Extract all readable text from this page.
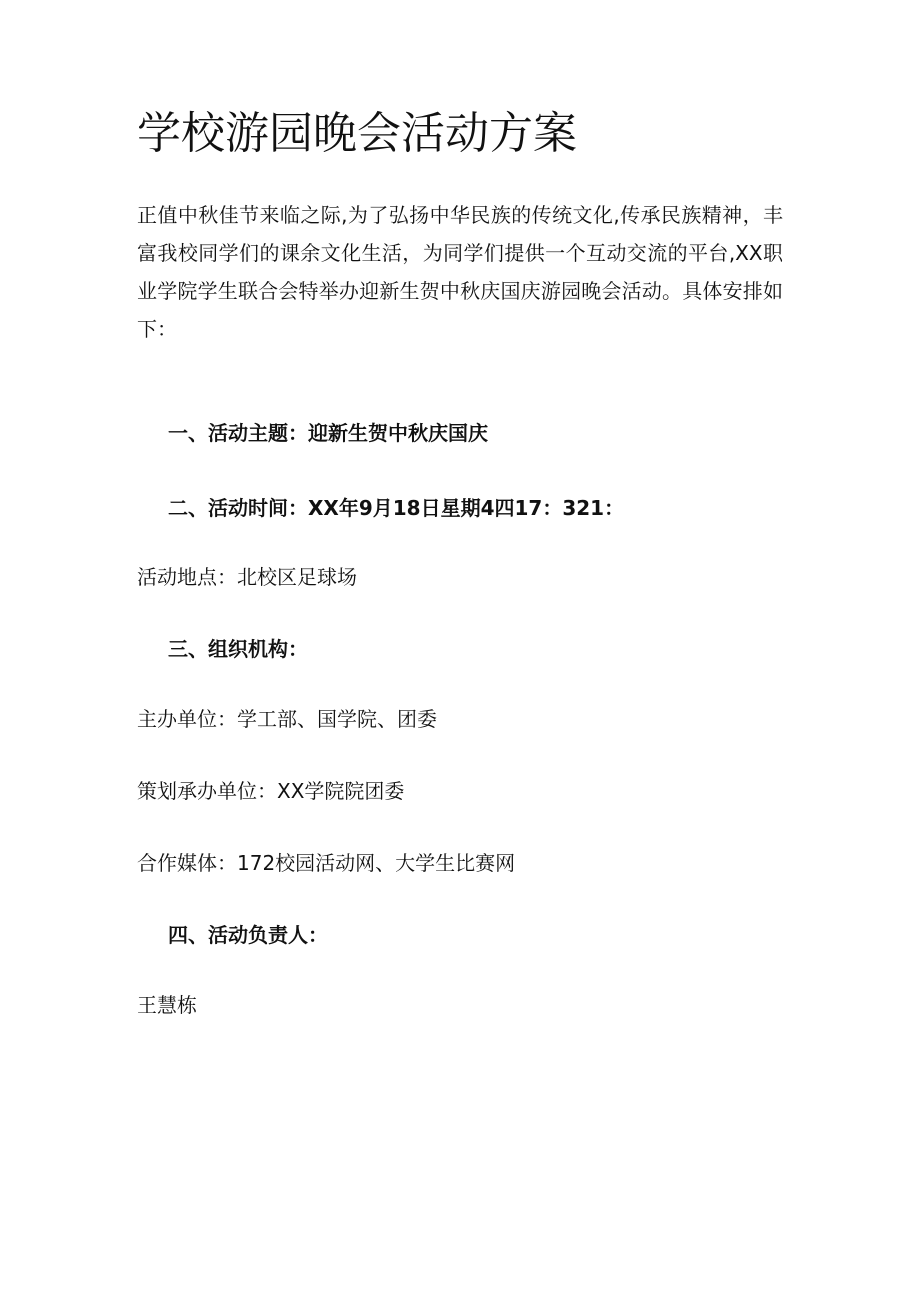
学校游园晚会活动方案

正值中秋佳节来临之际,为了弘扬中华民族的传统文化,传承民族精神，丰富我校同学们的课余文化生活，为同学们提供一个互动交流的平台,XX职业学院学生联合会特举办迎新生贺中秋庆国庆游园晚会活动。具体安排如下：

一、活动主题：迎新生贺中秋庆国庆

二、活动时间：XX年9月18日星期4四17：321：

活动地点：北校区足球场

三、组织机构：

主办单位：学工部、国学院、团委

策划承办单位：XX学院院团委

合作媒体：172校园活动网、大学生比赛网

四、活动负责人：

王慧栋
